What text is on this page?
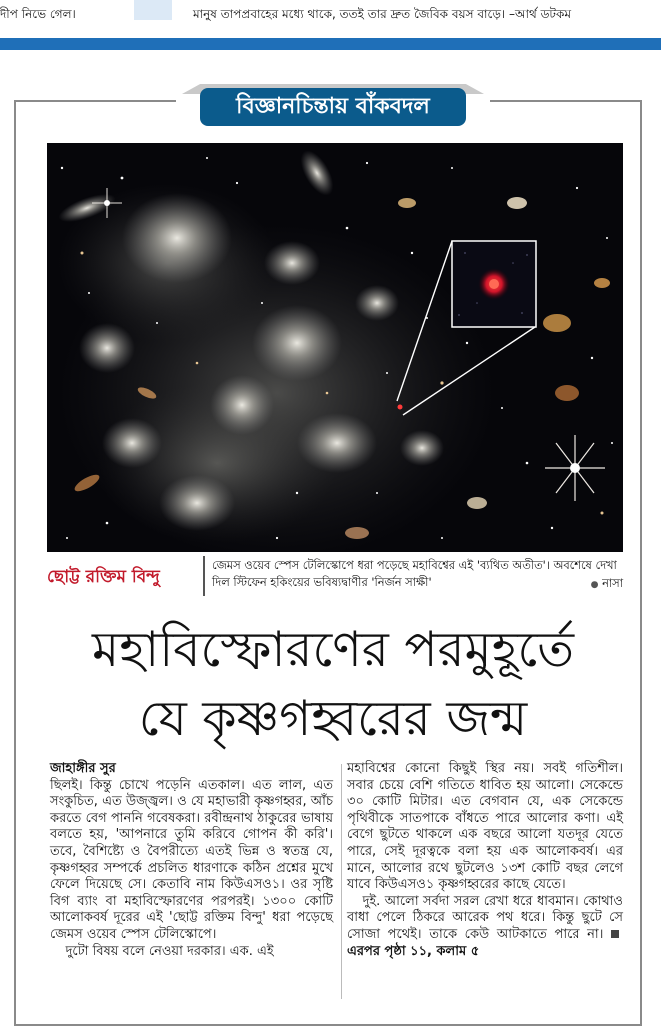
দীপ নিভে গেল।	মানুষ তাপপ্রবাহের মধ্যে থাকে, ততই তার দ্রুত জৈবিক বয়স বাড়ে। –আর্থ ডটকম
বিজ্ঞানচিন্তায় বাঁকবদল
ছোট্ট রক্তিম বিন্দু
জেমস ওয়েব স্পেস টেলিস্কোপে ধরা পড়েছে মহাবিশ্বের এই 'ব্যথিত অতীত'। অবশেষে দেখা দিল স্টিফেন হকিংয়ের ভবিষ্যদ্বাণীর 'নির্জন সাক্ষী'	● নাসা
মহাবিস্ফোরণের পরমুহূর্তে
যে কৃষ্ণগহ্বরের জন্ম

জাহাঙ্গীর সুর

ছিলই। কিন্তু চোখে পড়েনি এতকাল। এত লাল, এত সংকুচিত, এত উজ্জ্বল। ও যে মহাভারী কৃষ্ণগহ্বর, আঁচ করতে বেগ পাননি গবেষকরা। রবীন্দ্রনাথ ঠাকুরের ভাষায় বলতে হয়, 'আপনারে তুমি করিবে গোপন কী করি'। তবে, বৈশিষ্ট্যে ও বৈপরীত্যে এতই ভিন্ন ও স্বতন্ত্র যে, কৃষ্ণগহ্বর সম্পর্কে প্রচলিত ধারণাকে কঠিন প্রশ্নের মুখে ফেলে দিয়েছে সে। কেতাবি নাম কিউএসও১। ওর সৃষ্টি বিগ ব্যাং বা মহাবিস্ফোরণের পরপরই। ১৩০০ কোটি আলোকবর্ষ দূরের এই 'ছোট্ট রক্তিম বিন্দু' ধরা পড়েছে জেমস ওয়েব স্পেস টেলিস্কোপে।

দুটো বিষয় বলে নেওয়া দরকার। এক. এই

মহাবিশ্বের কোনো কিছুই স্থির নয়। সবই গতিশীল। সবার চেয়ে বেশি গতিতে ধাবিত হয় আলো। সেকেন্ডে ৩০ কোটি মিটার। এত বেগবান যে, এক সেকেন্ডে পৃথিবীকে সাতপাকে বাঁধতে পারে আলোর কণা। এই বেগে ছুটতে থাকলে এক বছরে আলো যতদূর যেতে পারে, সেই দূরত্বকে বলা হয় এক আলোকবর্ষ। এর মানে, আলোর রথে ছুটলেও ১৩শ কোটি বছর লেগে যাবে কিউএসও১ কৃষ্ণগহ্বরের কাছে যেতে।

দুই. আলো সর্বদা সরল রেখা ধরে ধাবমান। কোথাও বাধা পেলে ঠিকরে আরেক পথ ধরে। কিন্তু ছুটে সে সোজা পথেই। তাকে কেউ আটকাতে পারে না। এরপর পৃষ্ঠা ১১, কলাম ৫
